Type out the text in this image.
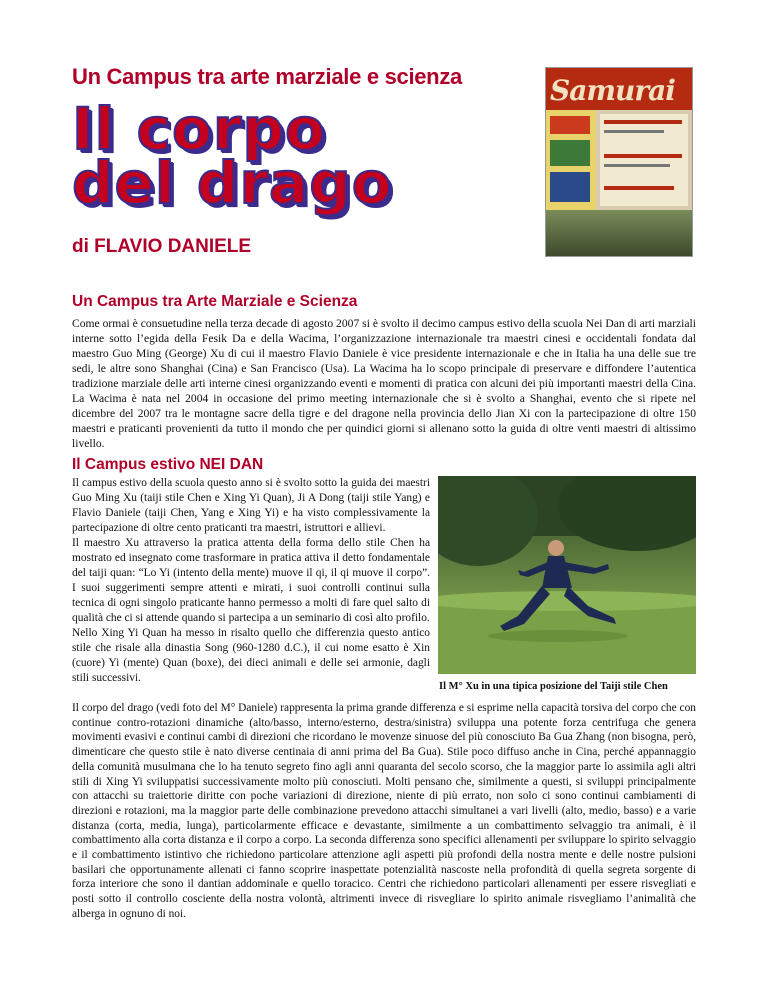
Un Campus tra arte marziale e scienza
Il corpo
del drago
di FLAVIO DANIELE
Samurai
Un Campus tra Arte Marziale e Scienza
Come ormai è consuetudine nella terza decade di agosto 2007 si è svolto il decimo campus estivo della scuola Nei Dan di arti marziali interne sotto l’egida della Fesik Da e della Wacima, l’organizzazione internazionale tra maestri cinesi e occidentali fondata dal maestro Guo Ming (George) Xu di cui il maestro Flavio Daniele è vice presidente internazionale e che in Italia ha una delle sue tre sedi, le altre sono Shanghai (Cina) e San Francisco (Usa). La Wacima ha lo scopo principale di preservare e diffondere l’autentica tradizione marziale delle arti interne cinesi organizzando eventi e momenti di pratica con alcuni dei più importanti maestri della Cina. La Wacima è nata nel 2004 in occasione del primo meeting internazionale che si è svolto a Shanghai, evento che si ripete nel dicembre del 2007 tra le montagne sacre della tigre e del dragone nella provincia dello Jian Xi con la partecipazione di oltre 150 maestri e praticanti provenienti da tutto il mondo che per quindici giorni si allenano sotto la guida di oltre venti maestri di altissimo livello.
Il Campus estivo NEI DAN
Il campus estivo della scuola questo anno si è svolto sotto la guida dei maestri Guo Ming Xu (taiji stile Chen e Xing Yi Quan), Ji A Dong (taiji stile Yang) e Flavio Daniele (taiji Chen, Yang e Xing Yi) e ha visto complessivamente la partecipazione di oltre cento praticanti tra maestri, istruttori e allievi.
Il maestro Xu attraverso la pratica attenta della forma dello stile Chen ha mostrato ed insegnato come trasformare in pratica attiva il detto fondamentale del taiji quan: “Lo Yi (intento della mente) muove il qi, il qi muove il corpo”. I suoi suggerimenti sempre attenti e mirati, i suoi controlli continui sulla tecnica di ogni singolo praticante hanno permesso a molti di fare quel salto di qualità che ci si attende quando si partecipa a un seminario di così alto profilo.
Nello Xing Yi Quan ha messo in risalto quello che differenzia questo antico stile che risale alla dinastia Song (960-1280 d.C.), il cui nome esatto è Xin (cuore) Yi (mente) Quan (boxe), dei dieci animali e delle sei armonie, dagli stili successivi.
Il M° Xu in una tipica posizione del Taiji stile Chen
Il corpo del drago (vedi foto del M° Daniele) rappresenta la prima grande differenza e si esprime nella capacità torsiva del corpo che con continue contro-rotazioni dinamiche (alto/basso, interno/esterno, destra/sinistra) sviluppa una potente forza centrifuga che genera movimenti evasivi e continui cambi di direzioni che ricordano le movenze sinuose del più conosciuto Ba Gua Zhang (non bisogna, però, dimenticare che questo stile è nato diverse centinaia di anni prima del Ba Gua). Stile poco diffuso anche in Cina, perché appannaggio della comunità musulmana che lo ha tenuto segreto fino agli anni quaranta del secolo scorso, che la maggior parte lo assimila agli altri stili di Xing Yi sviluppatisi successivamente molto più conosciuti. Molti pensano che, similmente a questi, si sviluppi principalmente con attacchi su traiettorie diritte con poche variazioni di direzione, niente di più errato, non solo ci sono continui cambiamenti di direzioni e rotazioni, ma la maggior parte delle combinazione prevedono attacchi simultanei a vari livelli (alto, medio, basso) e a varie distanza (corta, media, lunga), particolarmente efficace e devastante, similmente a un combattimento selvaggio tra animali, è il combattimento alla corta distanza e il corpo a corpo. La seconda differenza sono specifici allenamenti per sviluppare lo spirito selvaggio e il combattimento istintivo che richiedono particolare attenzione agli aspetti più profondi della nostra mente e delle nostre pulsioni basilari che opportunamente allenati ci fanno scoprire inaspettate potenzialità nascoste nella profondità di quella segreta sorgente di forza interiore che sono il dantian addominale e quello toracico. Centri che richiedono particolari allenamenti per essere risvegliati e posti sotto il controllo cosciente della nostra volontà, altrimenti invece di risvegliare lo spirito animale risvegliamo l’animalità che alberga in ognuno di noi.
